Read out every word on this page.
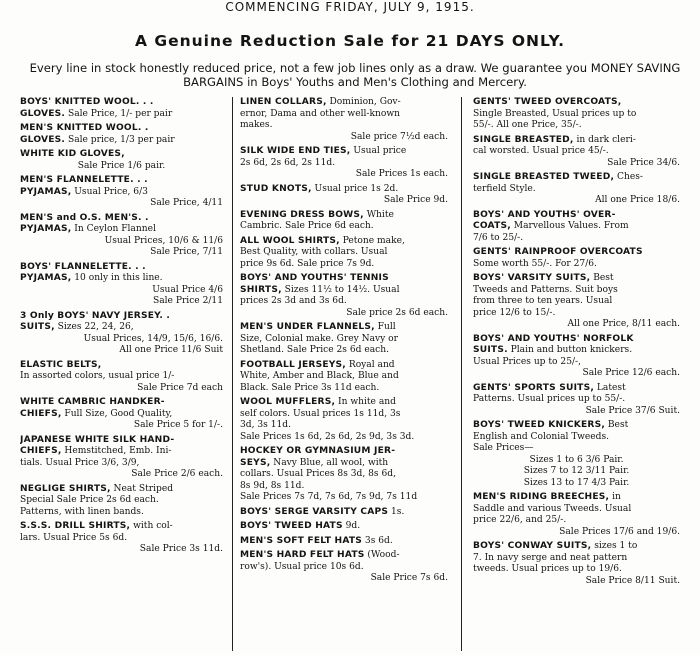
COMMENCING FRIDAY, JULY 9, 1915.
A Genuine Reduction Sale for 21 DAYS ONLY.
Every line in stock honestly reduced price, not a few job lines only as a draw. We guarantee you MONEY SAVING BARGAINS in Boys' Youths and Men's Clothing and Mercery.
BOYS' KNITTED WOOL. . .
GLOVES. Sale Price, 1/- per pair
MEN'S KNITTED WOOL. .
GLOVES. Sale price, 1/3 per pair
WHITE KID GLOVES,
Sale Price 1/6 pair.
MEN'S FLANNELETTE. . .
PYJAMAS, Usual Price, 6/3
Sale Price, 4/11
MEN'S and O.S. MEN'S. .
PYJAMAS, In Ceylon Flannel
Usual Prices, 10/6 & 11/6
Sale Price, 7/11
BOYS' FLANNELETTE. . .
PYJAMAS, 10 only in this line.
Usual Price 4/6
Sale Price 2/11
3 Only BOYS' NAVY JERSEY. .
SUITS, Sizes 22, 24, 26,
Usual Prices, 14/9, 15/6, 16/6.
All one Price 11/6 Suit
ELASTIC BELTS,
In assorted colors, usual price 1/-
Sale Price 7d each
WHITE CAMBRIC HANDKER-
CHIEFS, Full Size, Good Quality,
Sale Price 5 for 1/-.
JAPANESE WHITE SILK HAND-
CHIEFS, Hemstitched, Emb. Ini-
tials. Usual Price 3/6, 3/9,
Sale Price 2/6 each.
NEGLIGE SHIRTS, Neat Striped
Special Sale Price 2s 6d each.
Patterns, with linen bands.
S.S.S. DRILL SHIRTS, with col-
lars. Usual Price 5s 6d.
Sale Price 3s 11d.
LINEN COLLARS, Dominion, Gov-
ernor, Dama and other well-known
makes.
Sale price 7½d each.
SILK WIDE END TIES, Usual price
2s 6d, 2s 6d, 2s 11d.
Sale Prices 1s each.
STUD KNOTS, Usual price 1s 2d.
Sale Price 9d.
EVENING DRESS BOWS, White
Cambric. Sale Price 6d each.
ALL WOOL SHIRTS, Petone make,
Best Quality, with collars. Usual
price 9s 6d. Sale price 7s 9d.
BOYS' AND YOUTHS' TENNIS
SHIRTS, Sizes 11½ to 14½. Usual
prices 2s 3d and 3s 6d.
Sale price 2s 6d each.
MEN'S UNDER FLANNELS, Full
Size, Colonial make. Grey Navy or
Shetland. Sale Price 2s 6d each.
FOOTBALL JERSEYS, Royal and
White, Amber and Black, Blue and
Black. Sale Price 3s 11d each.
WOOL MUFFLERS, In white and
self colors. Usual prices 1s 11d, 3s
3d, 3s 11d.
Sale Prices 1s 6d, 2s 6d, 2s 9d, 3s 3d.
HOCKEY OR GYMNASIUM JER-
SEYS, Navy Blue, all wool, with
collars. Usual Prices 8s 3d, 8s 6d,
8s 9d, 8s 11d.
Sale Prices 7s 7d, 7s 6d, 7s 9d, 7s 11d
BOYS' SERGE VARSITY CAPS 1s.
BOYS' TWEED HATS 9d.
MEN'S SOFT FELT HATS 3s 6d.
MEN'S HARD FELT HATS (Wood-
row's). Usual price 10s 6d.
Sale Price 7s 6d.
GENTS' TWEED OVERCOATS,
Single Breasted, Usual prices up to
55/-. All one Price, 35/-.
SINGLE BREASTED, in dark cleri-
cal worsted. Usual price 45/-.
Sale Price 34/6.
SINGLE BREASTED TWEED, Ches-
terfield Style.
All one Price 18/6.
BOYS' AND YOUTHS' OVER-
COATS, Marvellous Values. From
7/6 to 25/-.
GENTS' RAINPROOF OVERCOATS
Some worth 55/-. For 27/6.
BOYS' VARSITY SUITS, Best
Tweeds and Patterns. Suit boys
from three to ten years. Usual
price 12/6 to 15/-.
All one Price, 8/11 each.
BOYS' AND YOUTHS' NORFOLK
SUITS. Plain and button knickers.
Usual Prices up to 25/-,
Sale Price 12/6 each.
GENTS' SPORTS SUITS, Latest
Patterns. Usual prices up to 55/-.
Sale Price 37/6 Suit.
BOYS' TWEED KNICKERS, Best
English and Colonial Tweeds.
Sale Prices—
Sizes 1 to 6 3/6 Pair.
Sizes 7 to 12 3/11 Pair.
Sizes 13 to 17 4/3 Pair.
MEN'S RIDING BREECHES, in
Saddle and various Tweeds. Usual
price 22/6, and 25/-.
Sale Prices 17/6 and 19/6.
BOYS' CONWAY SUITS, sizes 1 to
7. In navy serge and neat pattern
tweeds. Usual prices up to 19/6.
Sale Price 8/11 Suit.
